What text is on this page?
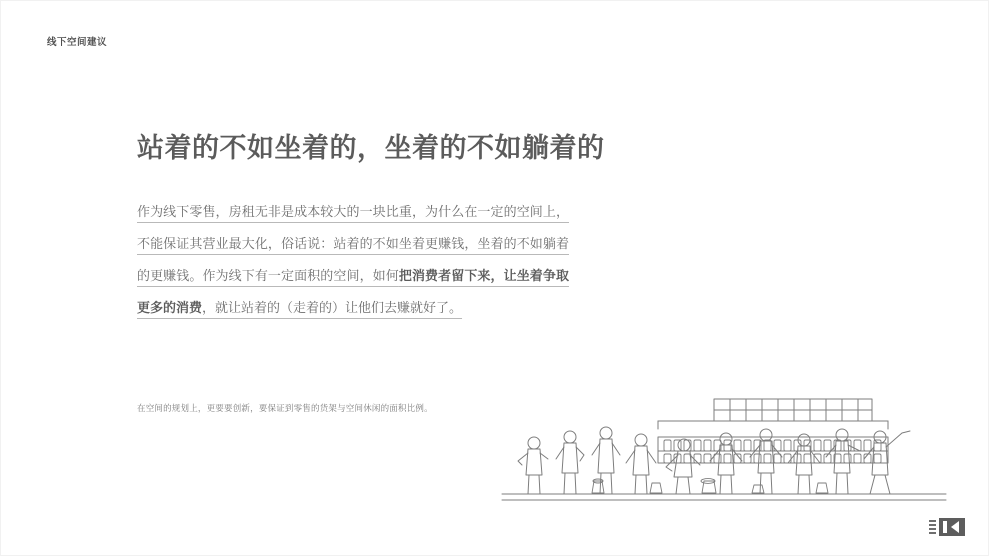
线下空间建议
站着的不如坐着的，坐着的不如躺着的
作为线下零售，房租无非是成本较大的一块比重，为什么在一定的空间上，不能保证其营业最大化，俗话说：站着的不如坐着更赚钱，坐着的不如躺着的更赚钱。作为线下有一定面积的空间，如何把消费者留下来，让坐着争取更多的消费，就让站着的（走着的）让他们去赚就好了。
在空间的规划上，更要要创新，要保证到零售的货架与空间休闲的面积比例。
